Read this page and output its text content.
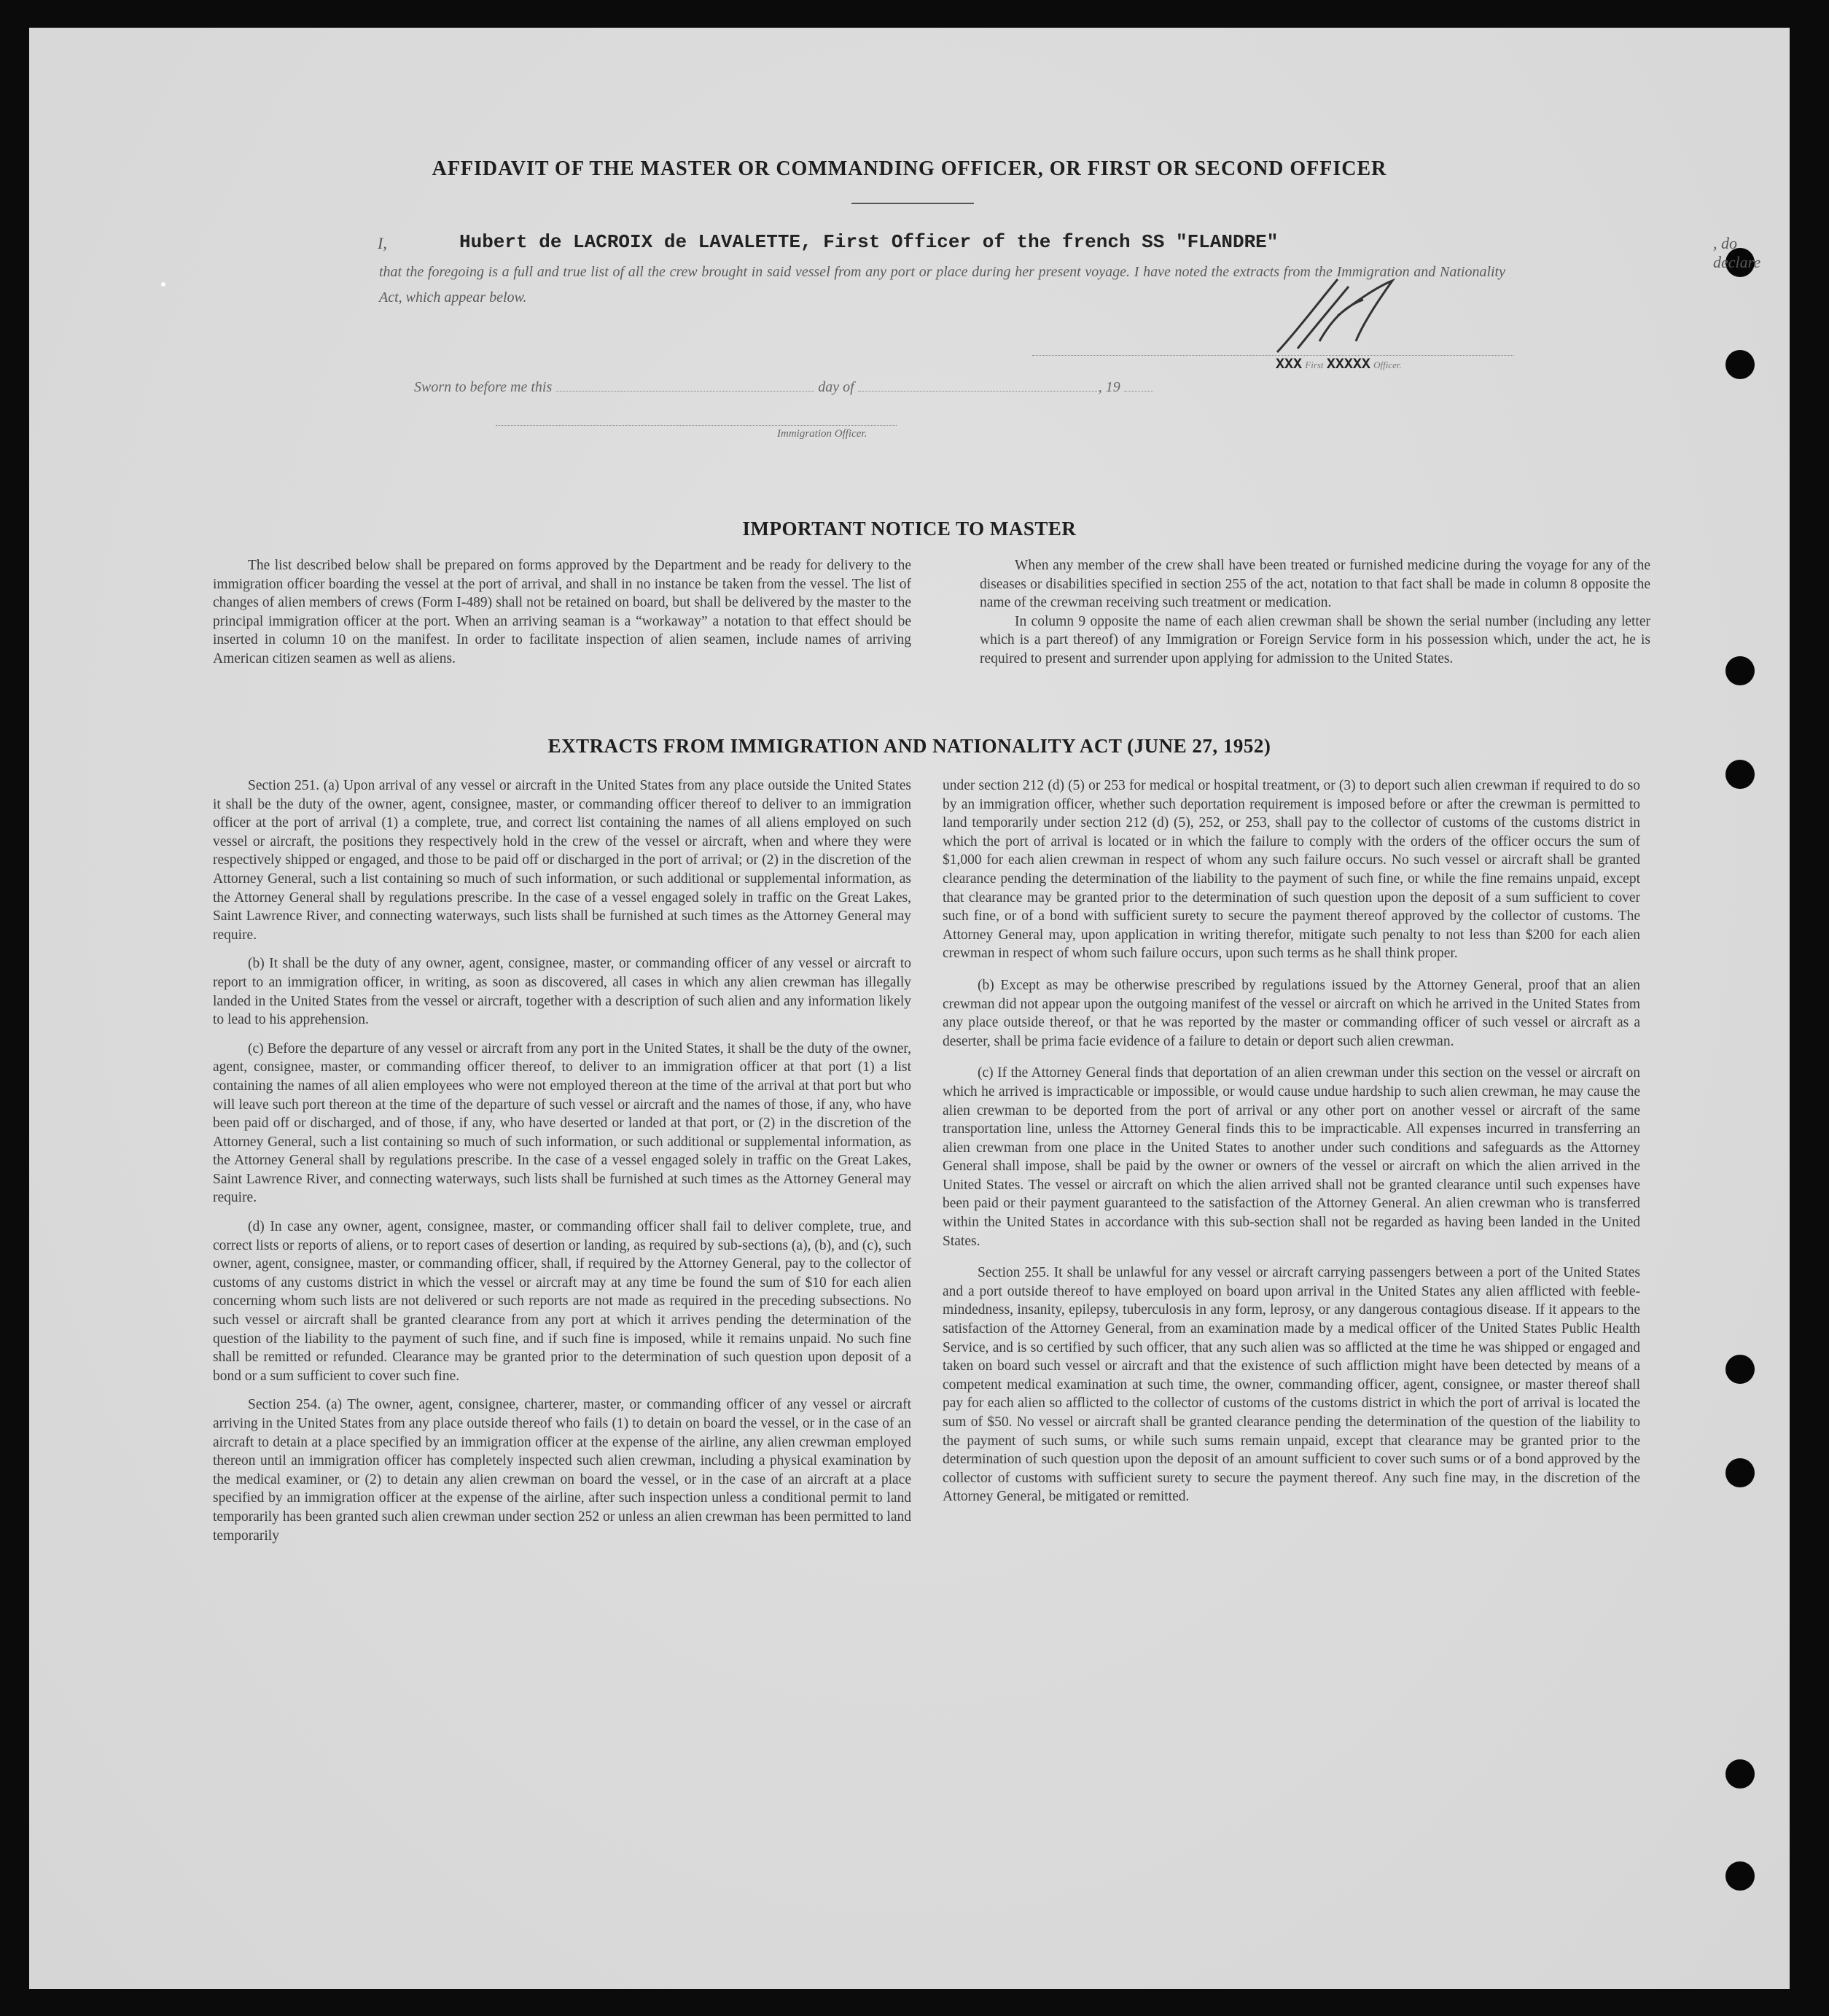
AFFIDAVIT OF THE MASTER OR COMMANDING OFFICER, OR FIRST OR SECOND OFFICER
I,	Hubert de LACROIX de LAVALETTE, First Officer of the french SS "FLANDRE"	, do declare
that the foregoing is a full and true list of all the crew brought in said vessel from any port or place during her present voyage. I have noted the extracts from the Immigration and Nationality Act, which appear below.
XXX First XXXXX Officer.
Sworn to before me this	day of	, 19
Immigration Officer.
IMPORTANT NOTICE TO MASTER

The list described below shall be prepared on forms approved by the Department and be ready for delivery to the immigration officer boarding the vessel at the port of arrival, and shall in no instance be taken from the vessel. The list of changes of alien members of crews (Form I-489) shall not be retained on board, but shall be delivered by the master to the principal immigration officer at the port. When an arriving seaman is a “workaway” a notation to that effect should be inserted in column 10 on the manifest. In order to facilitate inspection of alien seamen, include names of arriving American citizen seamen as well as aliens.

When any member of the crew shall have been treated or furnished medicine during the voyage for any of the diseases or disabilities specified in section 255 of the act, notation to that fact shall be made in column 8 opposite the name of the crewman receiving such treatment or medication.

In column 9 opposite the name of each alien crewman shall be shown the serial number (including any letter which is a part thereof) of any Immigration or Foreign Service form in his possession which, under the act, he is required to present and surrender upon applying for admission to the United States.

EXTRACTS FROM IMMIGRATION AND NATIONALITY ACT (JUNE 27, 1952)

Section 251. (a) Upon arrival of any vessel or aircraft in the United States from any place outside the United States it shall be the duty of the owner, agent, consignee, master, or commanding officer thereof to deliver to an immigration officer at the port of arrival (1) a complete, true, and correct list containing the names of all aliens employed on such vessel or aircraft, the positions they respectively hold in the crew of the vessel or aircraft, when and where they were respectively shipped or engaged, and those to be paid off or discharged in the port of arrival; or (2) in the discretion of the Attorney General, such a list containing so much of such information, or such additional or supplemental information, as the Attorney General shall by regulations prescribe. In the case of a vessel engaged solely in traffic on the Great Lakes, Saint Lawrence River, and connecting waterways, such lists shall be furnished at such times as the Attorney General may require.

(b) It shall be the duty of any owner, agent, consignee, master, or commanding officer of any vessel or aircraft to report to an immigration officer, in writing, as soon as discovered, all cases in which any alien crewman has illegally landed in the United States from the vessel or aircraft, together with a description of such alien and any information likely to lead to his apprehension.

(c) Before the departure of any vessel or aircraft from any port in the United States, it shall be the duty of the owner, agent, consignee, master, or commanding officer thereof, to deliver to an immigration officer at that port (1) a list containing the names of all alien employees who were not employed thereon at the time of the arrival at that port but who will leave such port thereon at the time of the departure of such vessel or aircraft and the names of those, if any, who have been paid off or discharged, and of those, if any, who have deserted or landed at that port, or (2) in the discretion of the Attorney General, such a list containing so much of such information, or such additional or supplemental information, as the Attorney General shall by regulations prescribe. In the case of a vessel engaged solely in traffic on the Great Lakes, Saint Lawrence River, and connecting waterways, such lists shall be furnished at such times as the Attorney General may require.

(d) In case any owner, agent, consignee, master, or commanding officer shall fail to deliver complete, true, and correct lists or reports of aliens, or to report cases of desertion or landing, as required by sub-sections (a), (b), and (c), such owner, agent, consignee, master, or commanding officer, shall, if required by the Attorney General, pay to the collector of customs of any customs district in which the vessel or aircraft may at any time be found the sum of $10 for each alien concerning whom such lists are not delivered or such reports are not made as required in the preceding subsections. No such vessel or aircraft shall be granted clearance from any port at which it arrives pending the determination of the question of the liability to the payment of such fine, and if such fine is imposed, while it remains unpaid. No such fine shall be remitted or refunded. Clearance may be granted prior to the determination of such question upon deposit of a bond or a sum sufficient to cover such fine.

Section 254. (a) The owner, agent, consignee, charterer, master, or commanding officer of any vessel or aircraft arriving in the United States from any place outside thereof who fails (1) to detain on board the vessel, or in the case of an aircraft to detain at a place specified by an immigration officer at the expense of the airline, any alien crewman employed thereon until an immigration officer has completely inspected such alien crewman, including a physical examination by the medical examiner, or (2) to detain any alien crewman on board the vessel, or in the case of an aircraft at a place specified by an immigration officer at the expense of the airline, after such inspection unless a conditional permit to land temporarily has been granted such alien crewman under section 252 or unless an alien crewman has been permitted to land temporarily

under section 212 (d) (5) or 253 for medical or hospital treatment, or (3) to deport such alien crewman if required to do so by an immigration officer, whether such deportation requirement is imposed before or after the crewman is permitted to land temporarily under section 212 (d) (5), 252, or 253, shall pay to the collector of customs of the customs district in which the port of arrival is located or in which the failure to comply with the orders of the officer occurs the sum of $1,000 for each alien crewman in respect of whom any such failure occurs. No such vessel or aircraft shall be granted clearance pending the determination of the liability to the payment of such fine, or while the fine remains unpaid, except that clearance may be granted prior to the determination of such question upon the deposit of a sum sufficient to cover such fine, or of a bond with sufficient surety to secure the payment thereof approved by the collector of customs. The Attorney General may, upon application in writing therefor, mitigate such penalty to not less than $200 for each alien crewman in respect of whom such failure occurs, upon such terms as he shall think proper.

(b) Except as may be otherwise prescribed by regulations issued by the Attorney General, proof that an alien crewman did not appear upon the outgoing manifest of the vessel or aircraft on which he arrived in the United States from any place outside thereof, or that he was reported by the master or commanding officer of such vessel or aircraft as a deserter, shall be prima facie evidence of a failure to detain or deport such alien crewman.

(c) If the Attorney General finds that deportation of an alien crewman under this section on the vessel or aircraft on which he arrived is impracticable or impossible, or would cause undue hardship to such alien crewman, he may cause the alien crewman to be deported from the port of arrival or any other port on another vessel or aircraft of the same transportation line, unless the Attorney General finds this to be impracticable. All expenses incurred in transferring an alien crewman from one place in the United States to another under such conditions and safeguards as the Attorney General shall impose, shall be paid by the owner or owners of the vessel or aircraft on which the alien arrived in the United States. The vessel or aircraft on which the alien arrived shall not be granted clearance until such expenses have been paid or their payment guaranteed to the satisfaction of the Attorney General. An alien crewman who is transferred within the United States in accordance with this sub-section shall not be regarded as having been landed in the United States.

Section 255. It shall be unlawful for any vessel or aircraft carrying passengers between a port of the United States and a port outside thereof to have employed on board upon arrival in the United States any alien afflicted with feeble-mindedness, insanity, epilepsy, tuberculosis in any form, leprosy, or any dangerous contagious disease. If it appears to the satisfaction of the Attorney General, from an examination made by a medical officer of the United States Public Health Service, and is so certified by such officer, that any such alien was so afflicted at the time he was shipped or engaged and taken on board such vessel or aircraft and that the existence of such affliction might have been detected by means of a competent medical examination at such time, the owner, commanding officer, agent, consignee, or master thereof shall pay for each alien so afflicted to the collector of customs of the customs district in which the port of arrival is located the sum of $50. No vessel or aircraft shall be granted clearance pending the determination of the question of the liability to the payment of such sums, or while such sums remain unpaid, except that clearance may be granted prior to the determination of such question upon the deposit of an amount sufficient to cover such sums or of a bond approved by the collector of customs with sufficient surety to secure the payment thereof. Any such fine may, in the discretion of the Attorney General, be mitigated or remitted.
